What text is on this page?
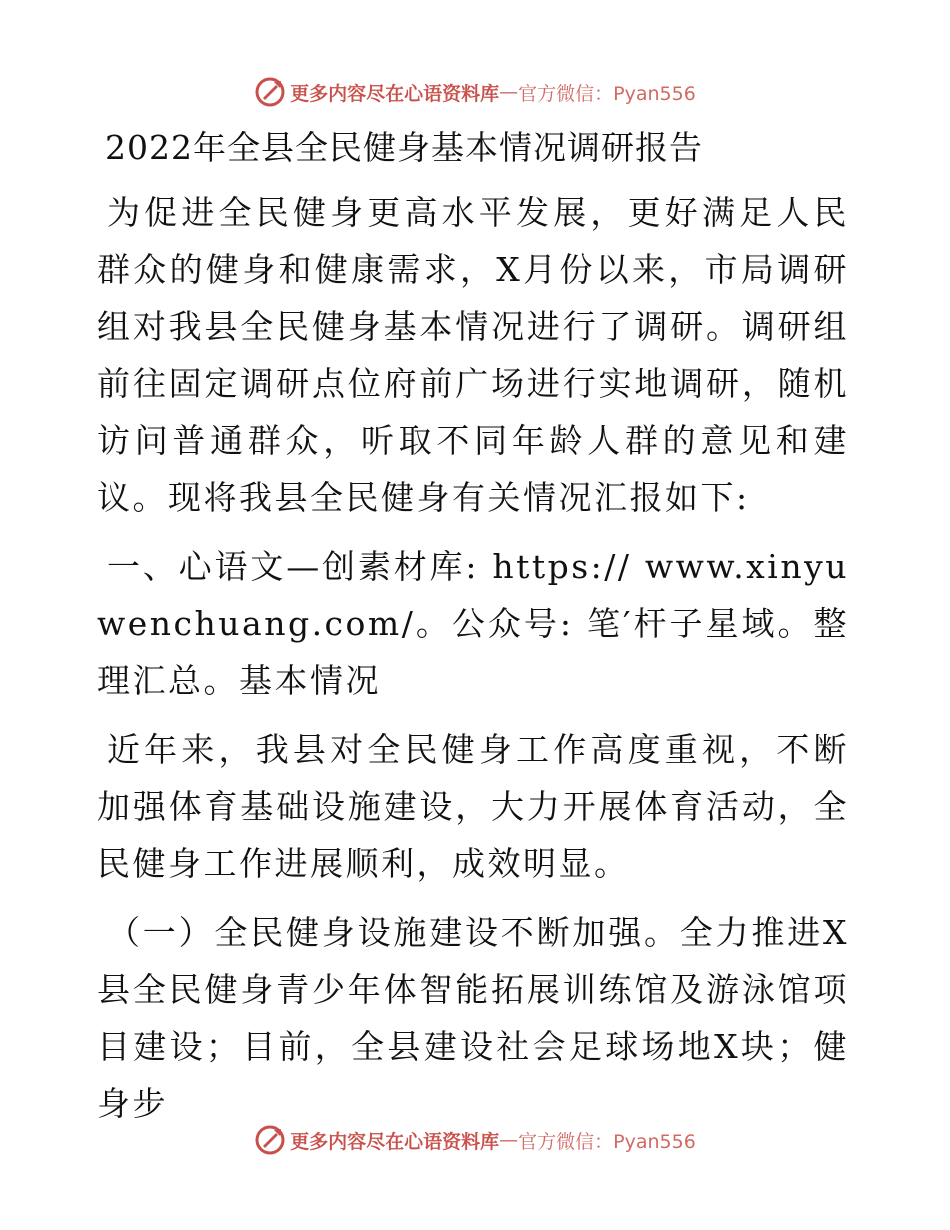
更多内容尽在心语资料库 — 官方微信：Pyan556
2022年全县全民健身基本情况调研报告

为促进全民健身更高水平发展，更好满足人民群众的健身和健康需求，X月份以来，市局调研组对我县全民健身基本情况进行了调研。调研组前往固定调研点位府前广场进行实地调研，随机访问普通群众，听取不同年龄人群的意见和建议。现将我县全民健身有关情况汇报如下:

一、心语文—创素材库: https:// www.xinyuwenchuang.com/。公众号: 笔′杆子星域。整理汇总。基本情况

近年来，我县对全民健身工作高度重视，不断加强体育基础设施建设，大力开展体育活动，全民健身工作进展顺利，成效明显。

（一）全民健身设施建设不断加强。全力推进X县全民健身青少年体智能拓展训练馆及游泳馆项目建设；目前，全县建设社会足球场地X块；健身步

更多内容尽在心语资料库 — 官方微信：Pyan556
